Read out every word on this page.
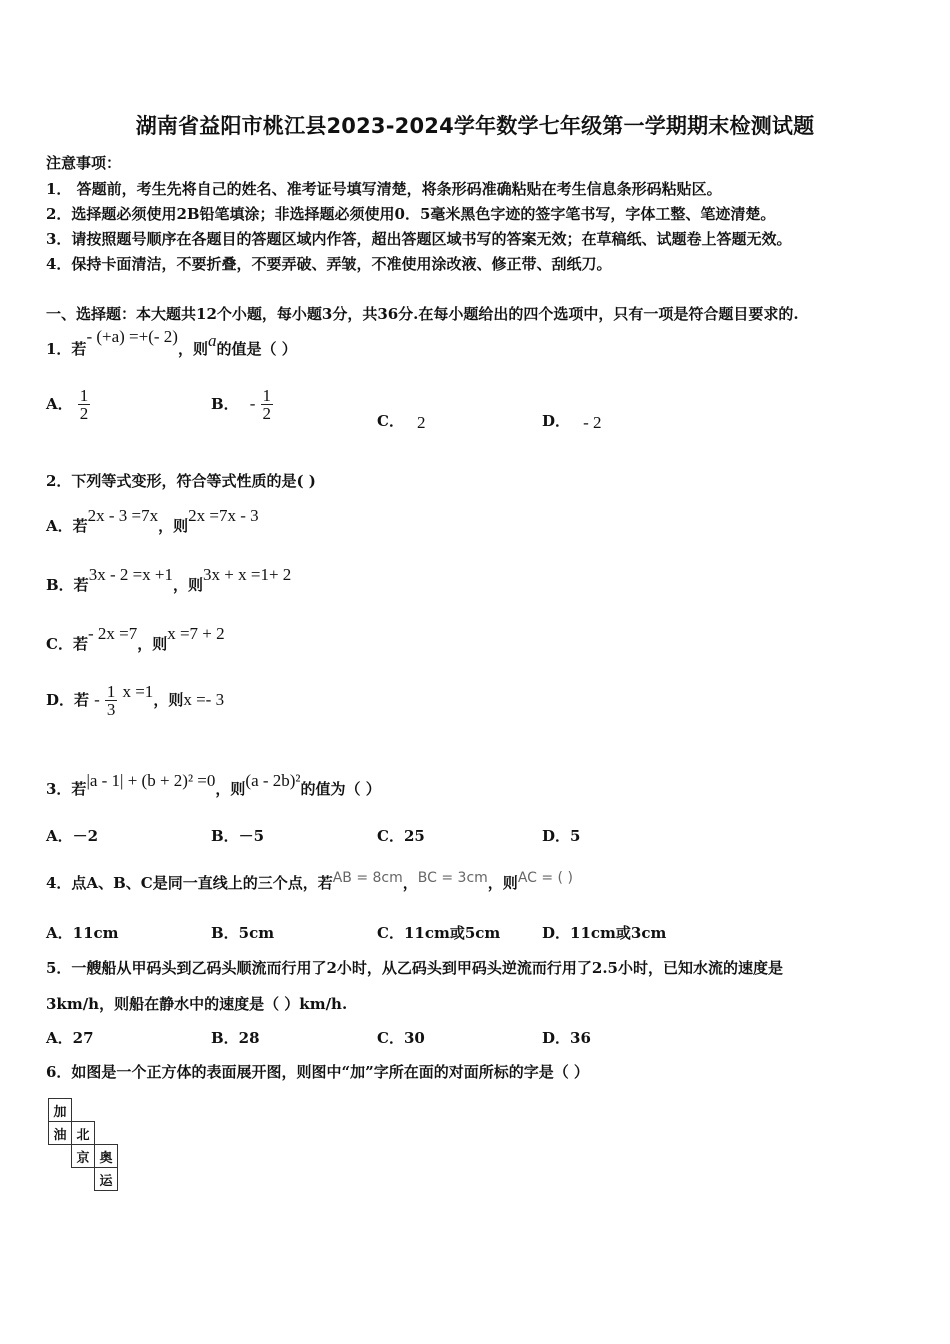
湖南省益阳市桃江县2023-2024学年数学七年级第一学期期末检测试题
注意事项：
1． 答题前，考生先将自己的姓名、准考证号填写清楚，将条形码准确粘贴在考生信息条形码粘贴区。
2．选择题必须使用2B铅笔填涂；非选择题必须使用0．5毫米黑色字迹的签字笔书写，字体工整、笔迹清楚。
3．请按照题号顺序在各题目的答题区域内作答，超出答题区域书写的答案无效；在草稿纸、试题卷上答题无效。
4．保持卡面清洁，不要折叠，不要弄破、弄皱，不准使用涂改液、修正带、刮纸刀。
一、选择题：本大题共12个小题，每小题3分，共36分.在每小题给出的四个选项中，只有一项是符合题目要求的.
1．若- (+a) =+(- 2)，则a的值是（ ）
A． $\frac{1}{2}$	B． - $\frac{1}{2}$	C． 2	D． - 2
2．下列等式变形，符合等式性质的是( )
A．若2x - 3 =7x，则2x =7x - 3
B．若3x - 2 =x +1，则3x + x =1+ 2
C．若- 2x =7，则x =7 + 2
D．若 - $\frac{1}{3}$ x =1，则x =- 3
3．若|a - 1| + (b + 2)² =0，则(a - 2b)²的值为（ ）
A．－2	B．－5	C．25	D．5
4．点A、B、C是同一直线上的三个点，若AB = 8cm，BC = 3cm，则AC = ( )
A．11cm	B．5cm	C．11cm或5cm	D．11cm或3cm
5．一艘船从甲码头到乙码头顺流而行用了2小时，从乙码头到甲码头逆流而行用了2.5小时，已知水流的速度是
3km/h，则船在静水中的速度是（ ）km/h.
A．27	B．28	C．30	D．36
6．如图是一个正方体的表面展开图，则图中“加”字所在面的对面所标的字是（ ）
加
油 北
京 奥
运
